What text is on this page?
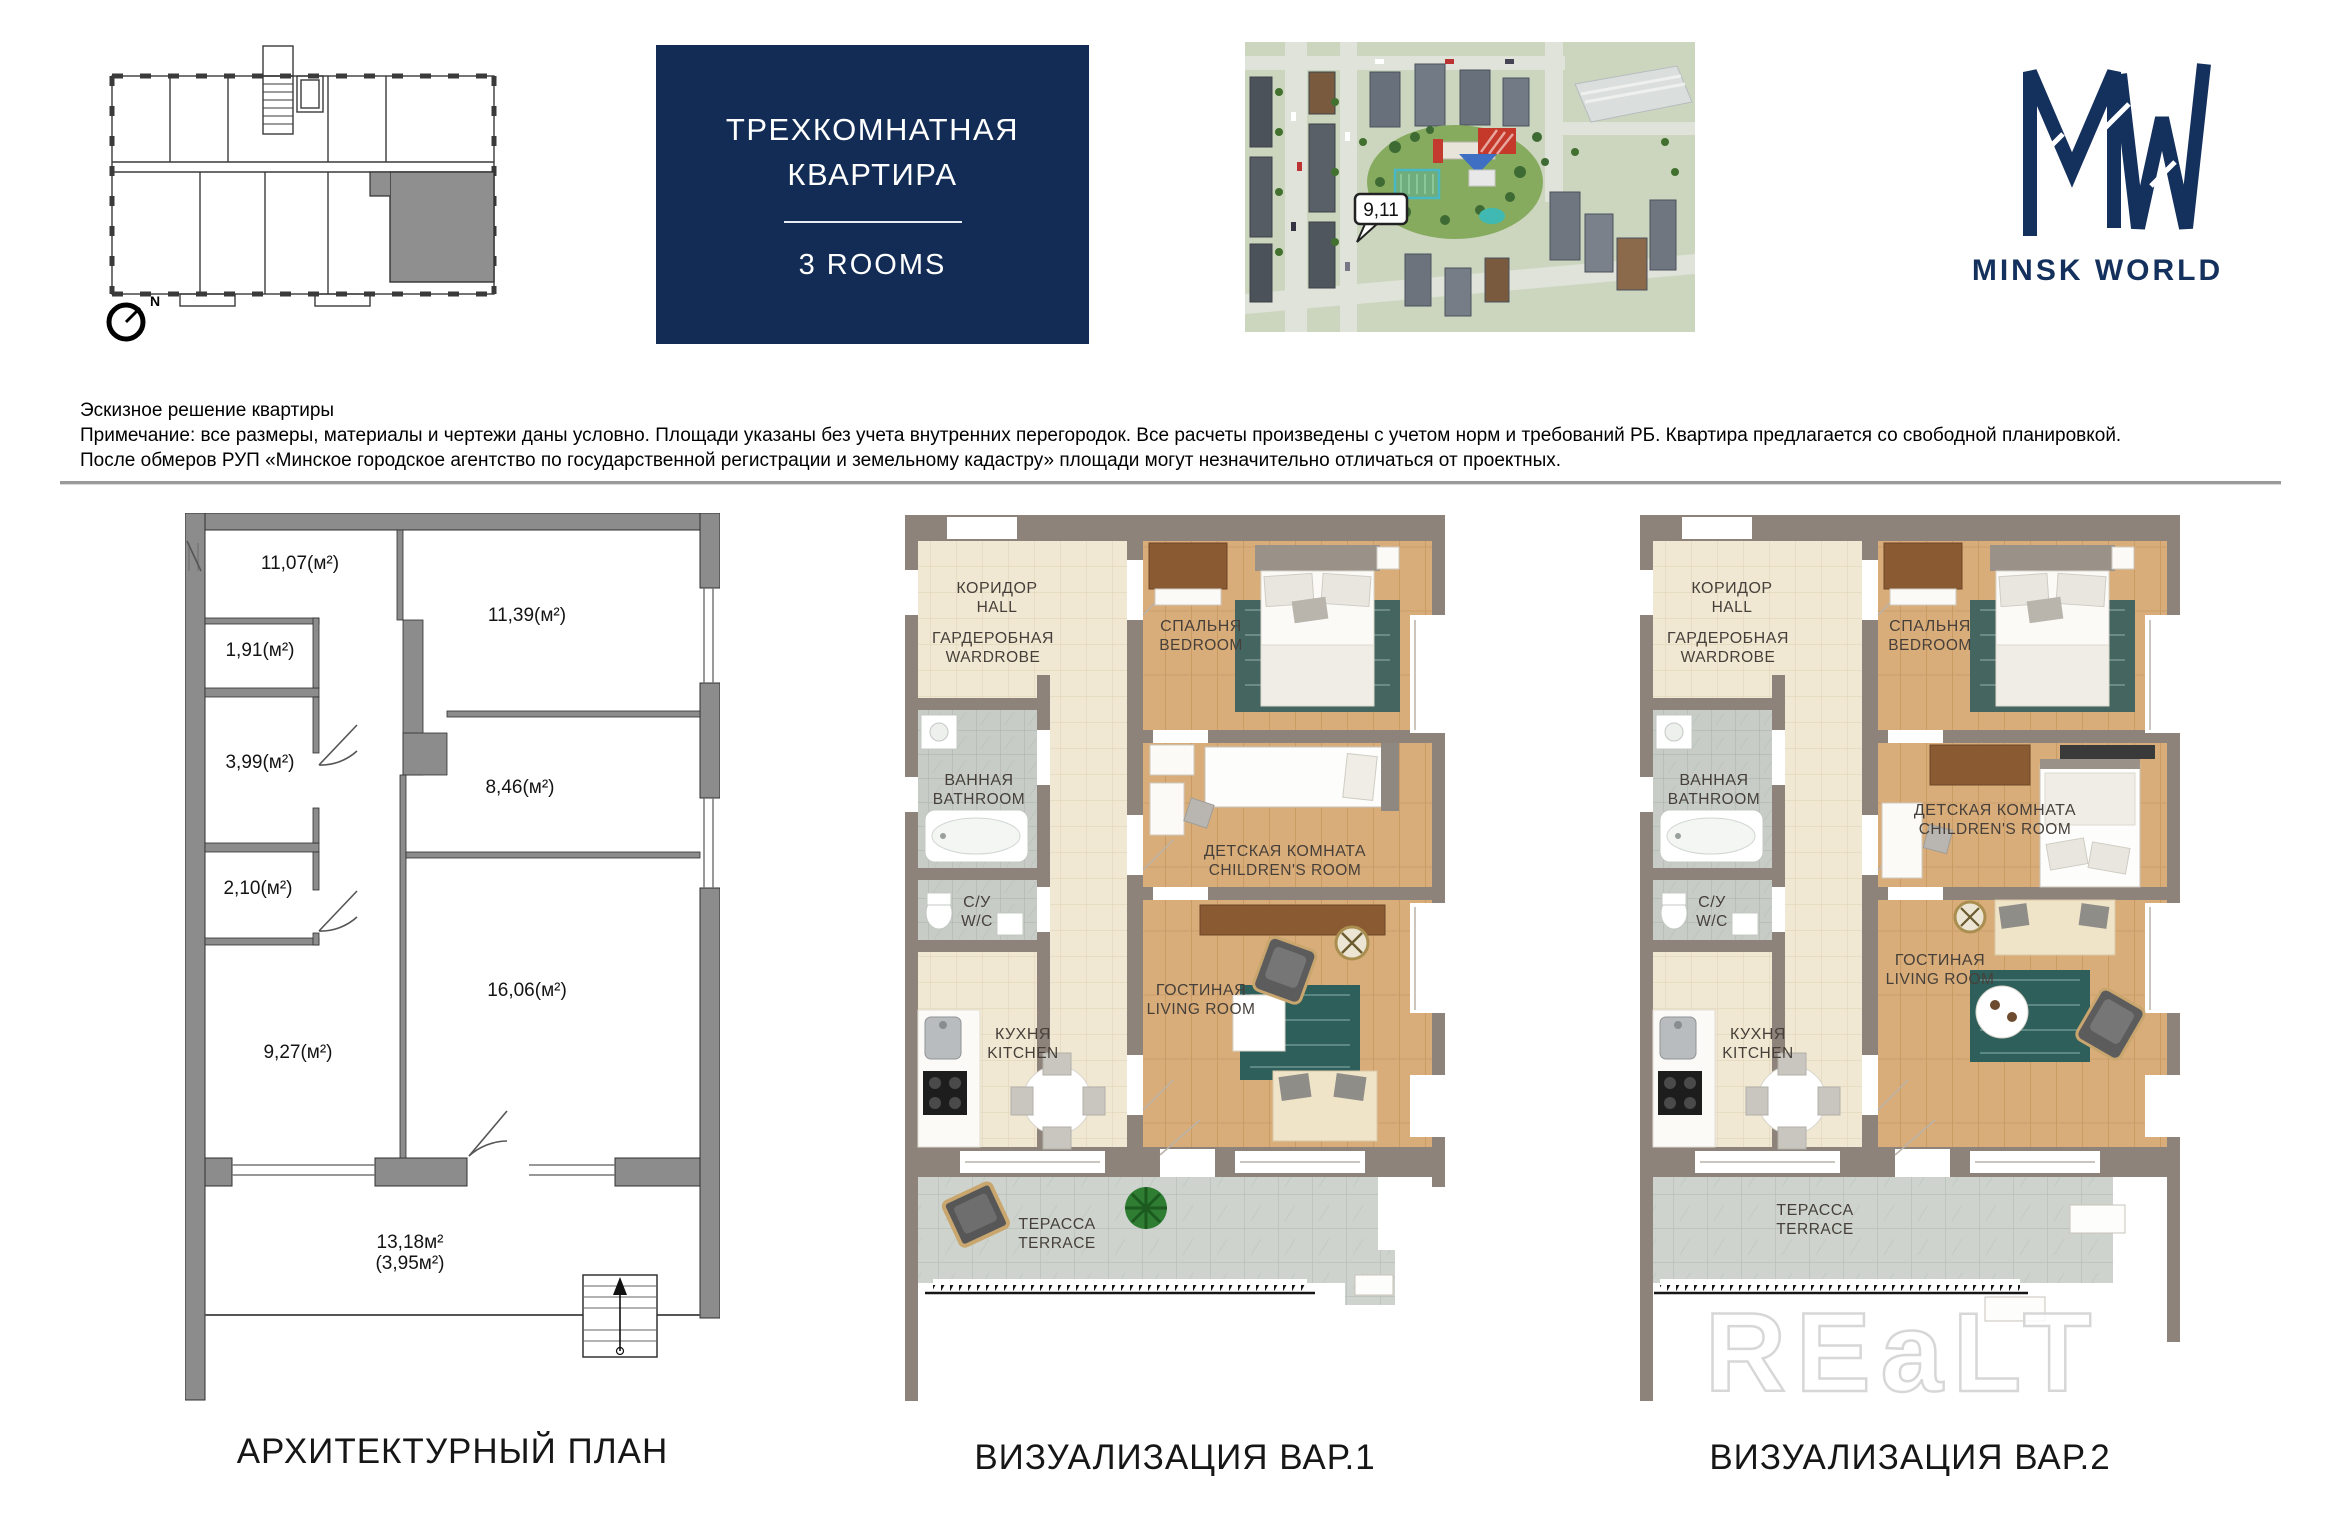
N
ТРЕХКОМНАТНАЯ
КВАРТИРА
3 ROOMS
9,11
MINSK WORLD
Эскизное решение квартиры
Примечание: все размеры, материалы и чертежи даны условно. Площади указаны без учета внутренних перегородок. Все расчеты произведены с учетом норм и требований РБ. Квартира предлагается со свободной планировкой.
После обмеров РУП «Минское городское агентство по государственной регистрации и земельному кадастру» площади могут незначительно отличаться от проектных.
11,07(м²)
11,39(м²)
1,91(м²)
3,99(м²)
8,46(м²)
2,10(м²)
16,06(м²)
9,27(м²)
13,18м²
(3,95м²)
КОРИДОР
HALL
ГАРДЕРОБНАЯ
WARDROBE
ВАННАЯ
BATHROOM
С/У
W/C
СПАЛЬНЯ
BEDROOM
ДЕТСКАЯ КОМНАТА
CHILDREN'S ROOM
ГОСТИНАЯ
LIVING ROOM
КУХНЯ
KITCHEN
ТЕРАССА
TERRACE
КОРИДОР
HALL
ГАРДЕРОБНАЯ
WARDROBE
ВАННАЯ
BATHROOM
С/У
W/C
СПАЛЬНЯ
BEDROOM
ДЕТСКАЯ КОМНАТА
CHILDREN'S ROOM
ГОСТИНАЯ
LIVING ROOM
КУХНЯ
KITCHEN
ТЕРАССА
TERRACE
АРХИТЕКТУРНЫЙ ПЛАН	ВИЗУАЛИЗАЦИЯ ВАР.1	ВИЗУАЛИЗАЦИЯ ВАР.2
REaLT
